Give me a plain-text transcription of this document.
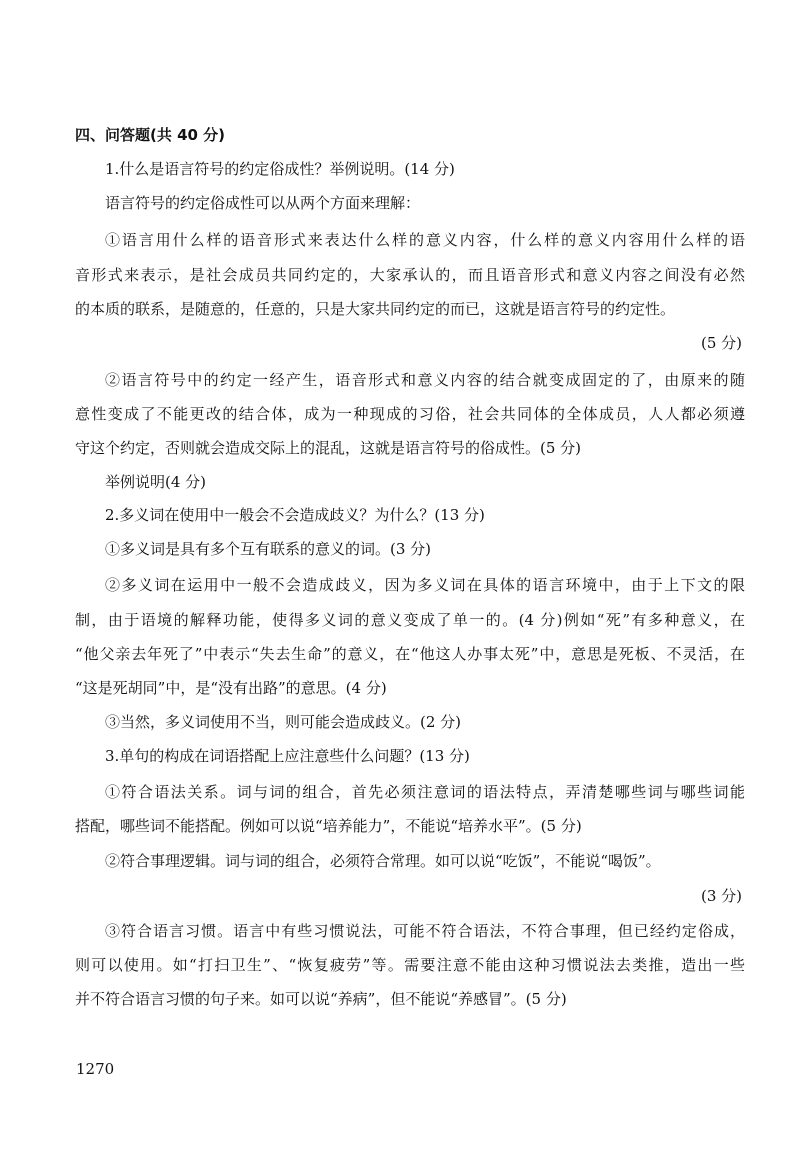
四、问答题(共 40 分)
1.什么是语言符号的约定俗成性？举例说明。(14 分)
语言符号的约定俗成性可以从两个方面来理解：
①语言用什么样的语音形式来表达什么样的意义内容，什么样的意义内容用什么样的语
音形式来表示，是社会成员共同约定的，大家承认的，而且语音形式和意义内容之间没有必然
的本质的联系，是随意的，任意的，只是大家共同约定的而已，这就是语言符号的约定性。
(5 分)
②语言符号中的约定一经产生，语音形式和意义内容的结合就变成固定的了，由原来的随
意性变成了不能更改的结合体，成为一种现成的习俗，社会共同体的全体成员，人人都必须遵
守这个约定，否则就会造成交际上的混乱，这就是语言符号的俗成性。(5 分)
举例说明(4 分)
2.多义词在使用中一般会不会造成歧义？为什么？(13 分)
①多义词是具有多个互有联系的意义的词。(3 分)
②多义词在运用中一般不会造成歧义，因为多义词在具体的语言环境中，由于上下文的限
制，由于语境的解释功能，使得多义词的意义变成了单一的。(4 分)例如“死”有多种意义，在
“他父亲去年死了”中表示“失去生命”的意义，在“他这人办事太死”中，意思是死板、不灵活，在
“这是死胡同”中，是“没有出路”的意思。(4 分)
③当然，多义词使用不当，则可能会造成歧义。(2 分)
3.单句的构成在词语搭配上应注意些什么问题？(13 分)
①符合语法关系。词与词的组合，首先必须注意词的语法特点，弄清楚哪些词与哪些词能
搭配，哪些词不能搭配。例如可以说“培养能力”，不能说“培养水平”。(5 分)
②符合事理逻辑。词与词的组合，必须符合常理。如可以说“吃饭”，不能说“喝饭”。
(3 分)
③符合语言习惯。语言中有些习惯说法，可能不符合语法，不符合事理，但已经约定俗成，
则可以使用。如“打扫卫生”、“恢复疲劳”等。需要注意不能由这种习惯说法去类推，造出一些
并不符合语言习惯的句子来。如可以说“养病”，但不能说“养感冒”。(5 分)
1270
